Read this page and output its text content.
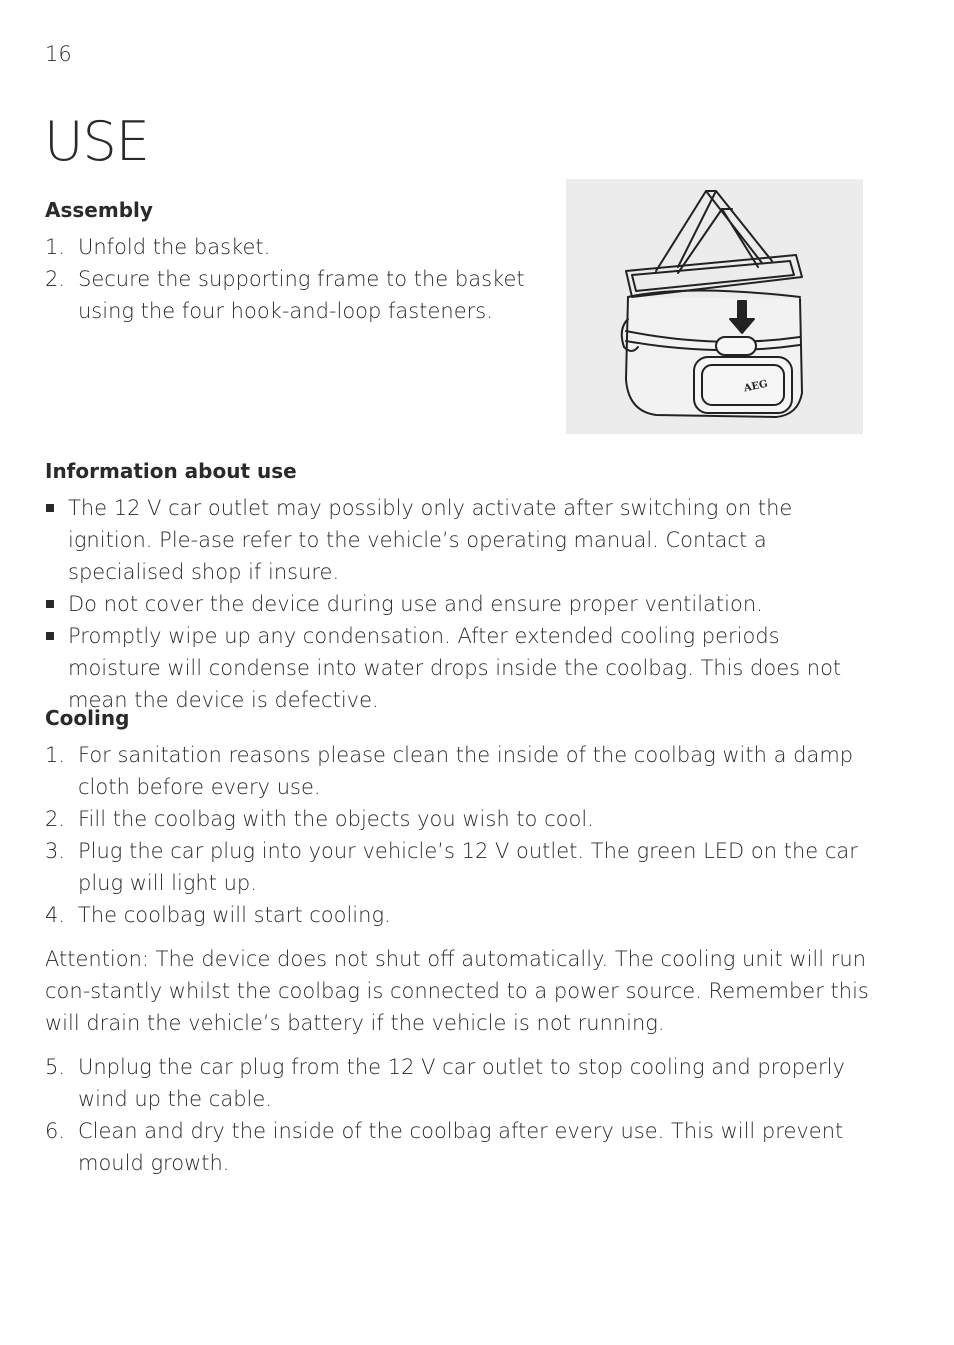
16
USE
Assembly
1. Unfold the basket.
2. Secure the supporting frame to the basket using the four hook-and-loop fasteners.
AEG
Information about use
The 12 V car outlet may possibly only activate after switching on the ignition. Ple-ase refer to the vehicle’s operating manual. Contact a specialised shop if insure.
Do not cover the device during use and ensure proper ventilation.
Promptly wipe up any condensation. After extended cooling periods moisture will condense into water drops inside the coolbag. This does not mean the device is defective.
Cooling
1. For sanitation reasons please clean the inside of the coolbag with a damp cloth before every use.
2. Fill the coolbag with the objects you wish to cool.
3. Plug the car plug into your vehicle’s 12 V outlet. The green LED on the car plug will light up.
4. The coolbag will start cooling.

Attention: The device does not shut off automatically. The cooling unit will run con-stantly whilst the coolbag is connected to a power source. Remember this will drain the vehicle’s battery if the vehicle is not running.

5. Unplug the car plug from the 12 V car outlet to stop cooling and properly wind up the cable.
6. Clean and dry the inside of the coolbag after every use. This will prevent mould growth.
